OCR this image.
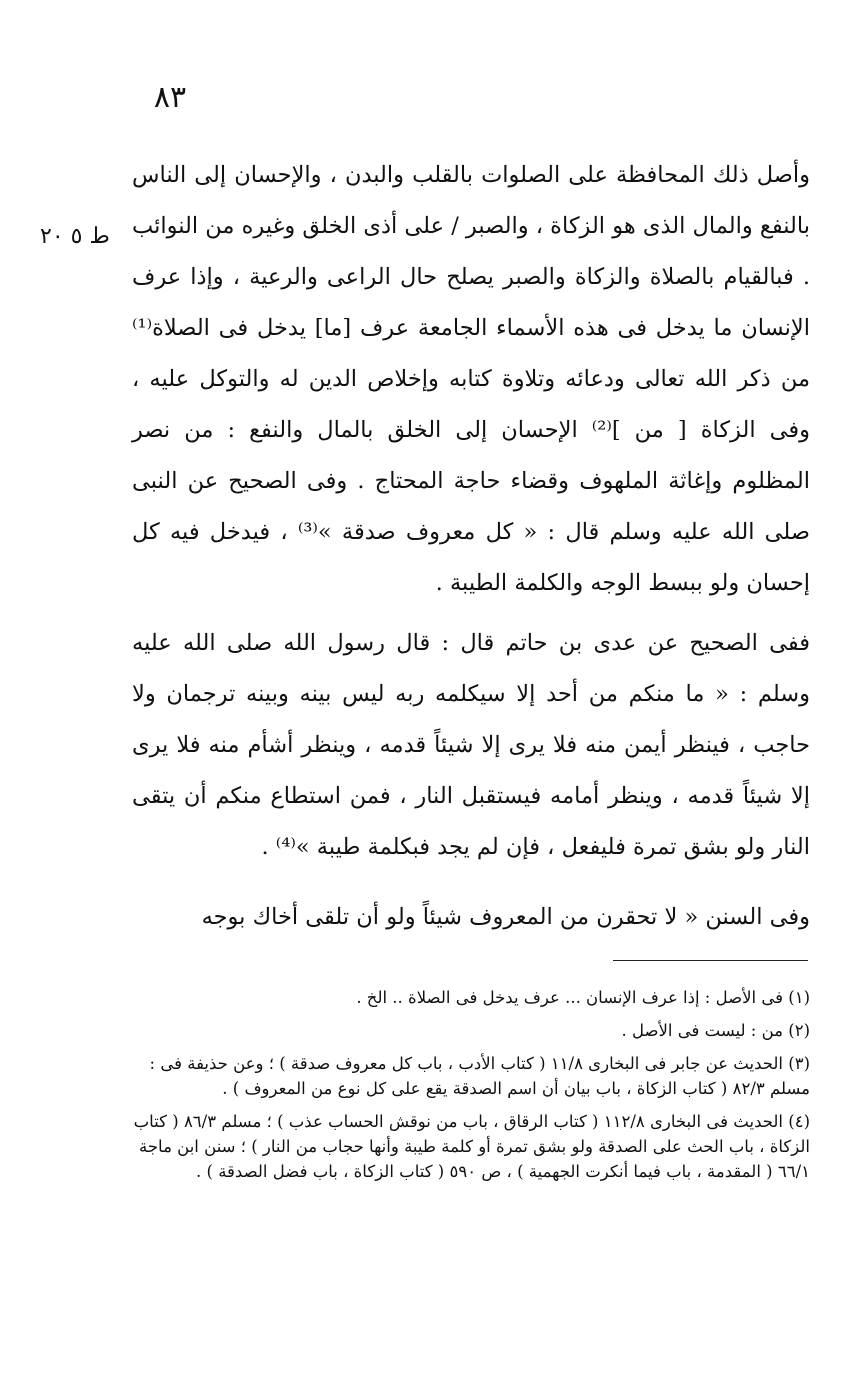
٨٣
ط ٥ ٢٠

وأصل ذلك المحافظة على الصلوات بالقلب والبدن ، والإحسان إلى الناس بالنفع والمال الذى هو الزكاة ، والصبر / على أذى الخلق وغيره من النوائب . فبالقيام بالصلاة والزكاة والصبر يصلح حال الراعى والرعية ، وإذا عرف الإنسان ما يدخل فى هذه الأسماء الجامعة عرف [ما] يدخل فى الصلاة⁽¹⁾ من ذكر الله تعالى ودعائه وتلاوة كتابه وإخلاص الدين له والتوكل عليه ، وفى الزكاة [ من ]⁽²⁾ الإحسان إلى الخلق بالمال والنفع : من نصر المظلوم وإغاثة الملهوف وقضاء حاجة المحتاج . وفى الصحيح عن النبى صلى الله عليه وسلم قال : « كل معروف صدقة »⁽³⁾ ، فيدخل فيه كل إحسان ولو ببسط الوجه والكلمة الطيبة .

ففى الصحيح عن عدى بن حاتم قال : قال رسول الله صلى الله عليه وسلم : « ما منكم من أحد إلا سيكلمه ربه ليس بينه وبينه ترجمان ولا حاجب ، فينظر أيمن منه فلا يرى إلا شيئاً قدمه ، وينظر أشأم منه فلا يرى إلا شيئاً قدمه ، وينظر أمامه فيستقبل النار ، فمن استطاع منكم أن يتقى النار ولو بشق تمرة فليفعل ، فإن لم يجد فبكلمة طيبة »⁽⁴⁾ .

وفى السنن « لا تحقرن من المعروف شيئاً ولو أن تلقى أخاك بوجه

(١) فى الأصل : إذا عرف الإنسان ... عرف يدخل فى الصلاة .. الخ .

(٢) من : ليست فى الأصل .

(٣) الحديث عن جابر فى البخارى ١١/٨ ( كتاب الأدب ، باب كل معروف صدقة ) ؛ وعن حذيفة فى : مسلم ٨٢/٣ ( كتاب الزكاة ، باب بيان أن اسم الصدقة يقع على كل نوع من المعروف ) .

(٤) الحديث فى البخارى ١١٢/٨ ( كتاب الرقاق ، باب من نوقش الحساب عذب ) ؛ مسلم ٨٦/٣ ( كتاب الزكاة ، باب الحث على الصدقة ولو بشق تمرة أو كلمة طيبة وأنها حجاب من النار ) ؛ سنن ابن ماجة ٦٦/١ ( المقدمة ، باب فيما أنكرت الجهمية ) ، ص ٥٩٠ ( كتاب الزكاة ، باب فضل الصدقة ) .
